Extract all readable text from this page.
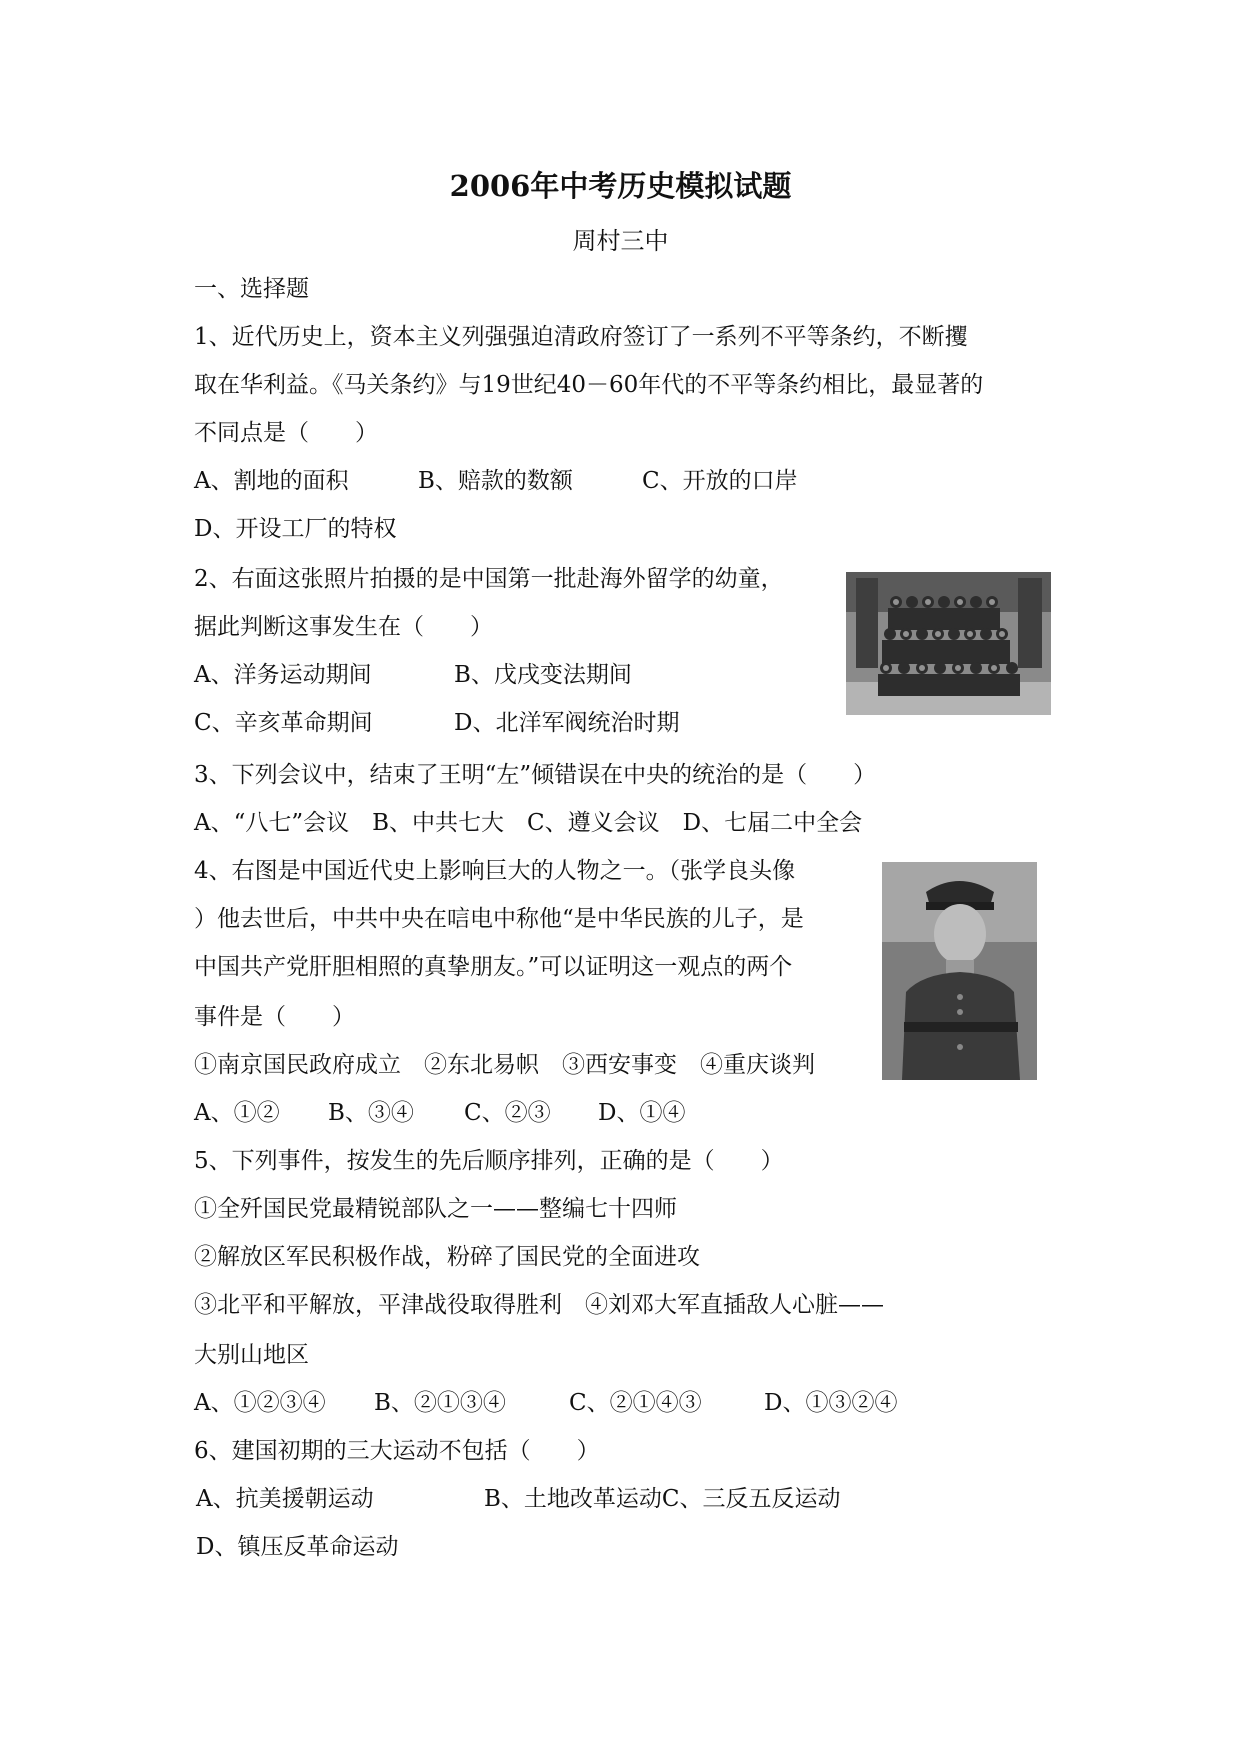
2006年中考历史模拟试题
周村三中
一、选择题
1、近代历史上，资本主义列强强迫清政府签订了一系列不平等条约，不断攫
取在华利益。《马关条约》与19世纪40－60年代的不平等条约相比，最显著的
不同点是（　　）
A、割地的面积	B、赔款的数额	C、开放的口岸
D、开设工厂的特权
2、右面这张照片拍摄的是中国第一批赴海外留学的幼童，
据此判断这事发生在（　　）
A、洋务运动期间	B、戊戌变法期间
C、辛亥革命期间	D、北洋军阀统治时期
3、下列会议中，结束了王明“左”倾错误在中央的统治的是（　　）
A、“八七”会议　B、中共七大　C、遵义会议　D、七届二中全会
4、右图是中国近代史上影响巨大的人物之一。（张学良头像
）他去世后，中共中央在唁电中称他“是中华民族的儿子，是
中国共产党肝胆相照的真挚朋友。”可以证明这一观点的两个
事件是（　　）
①南京国民政府成立　②东北易帜　③西安事变　④重庆谈判
A、①② B、③④ C、②③ D、①④
5、下列事件，按发生的先后顺序排列，正确的是（　　）
①全歼国民党最精锐部队之一——整编七十四师
②解放区军民积极作战，粉碎了国民党的全面进攻
③北平和平解放，平津战役取得胜利　④刘邓大军直插敌人心脏——
大别山地区
A、①②③④ B、②①③④	C、②①④③	D、①③②④
6、建国初期的三大运动不包括（　　）
A、抗美援朝运动	B、土地改革运动C、三反五反运动
D、镇压反革命运动
